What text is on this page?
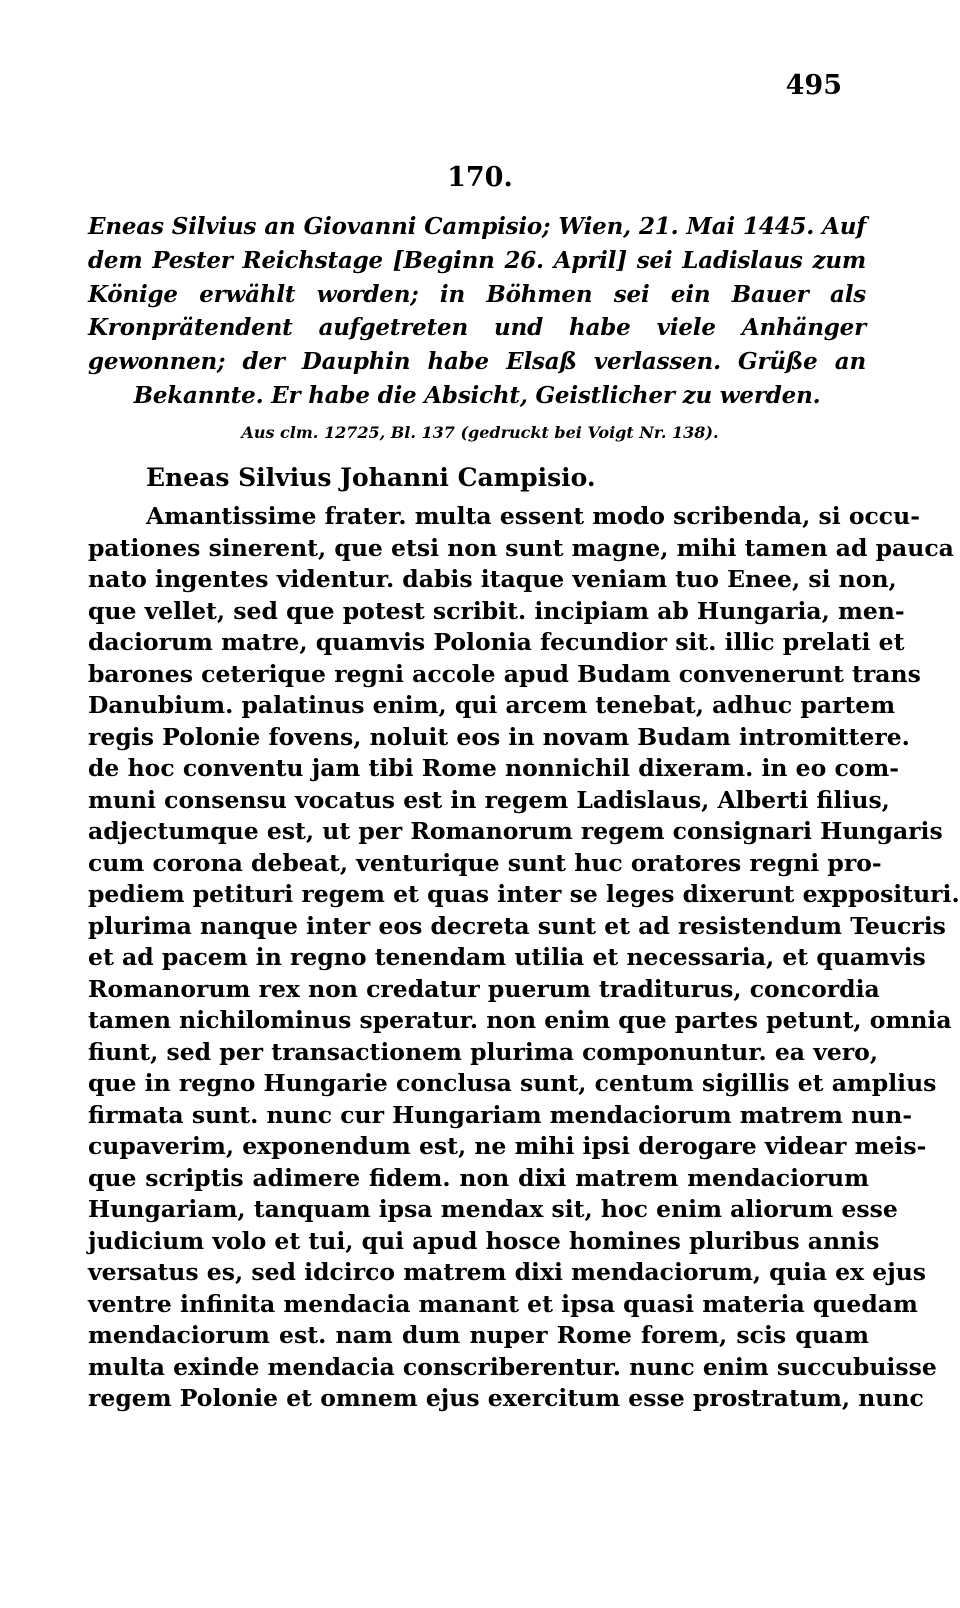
495
170.
Eneas Silvius an Giovanni Campisio; Wien, 21. Mai 1445. Auf dem Pester Reichstage [Beginn 26. April] sei Ladislaus zum Könige erwählt worden; in Böhmen sei ein Bauer als Kronprätendent aufgetreten und habe viele Anhänger gewonnen; der Dauphin habe Elsaß verlassen. Grüße an Bekannte. Er habe die Absicht, Geistlicher zu werden.
Aus clm. 12725, Bl. 137 (gedruckt bei Voigt Nr. 138).
Eneas Silvius Johanni Campisio.
Amantissime frater. multa essent modo scribenda, si occu-
pationes sinerent, que etsi non sunt magne, mihi tamen ad pauca
nato ingentes videntur. dabis itaque veniam tuo Enee, si non,
que vellet, sed que potest scribit. incipiam ab Hungaria, men-
daciorum matre, quamvis Polonia fecundior sit. illic prelati et
barones ceterique regni accole apud Budam convenerunt trans
Danubium. palatinus enim, qui arcem tenebat, adhuc partem
regis Polonie fovens, noluit eos in novam Budam intromittere.
de hoc conventu jam tibi Rome nonnichil dixeram. in eo com-
muni consensu vocatus est in regem Ladislaus, Alberti filius,
adjectumque est, ut per Romanorum regem consignari Hungaris
cum corona debeat, venturique sunt huc oratores regni pro-
pediem petituri regem et quas inter se leges dixerunt expposituri.
plurima nanque inter eos decreta sunt et ad resistendum Teucris
et ad pacem in regno tenendam utilia et necessaria, et quamvis
Romanorum rex non credatur puerum traditurus, concordia
tamen nichilominus speratur. non enim que partes petunt, omnia
fiunt, sed per transactionem plurima componuntur. ea vero,
que in regno Hungarie conclusa sunt, centum sigillis et amplius
firmata sunt. nunc cur Hungariam mendaciorum matrem nun-
cupaverim, exponendum est, ne mihi ipsi derogare videar meis-
que scriptis adimere fidem. non dixi matrem mendaciorum
Hungariam, tanquam ipsa mendax sit, hoc enim aliorum esse
judicium volo et tui, qui apud hosce homines pluribus annis
versatus es, sed idcirco matrem dixi mendaciorum, quia ex ejus
ventre infinita mendacia manant et ipsa quasi materia quedam
mendaciorum est. nam dum nuper Rome forem, scis quam
multa exinde mendacia conscriberentur. nunc enim succubuisse
regem Polonie et omnem ejus exercitum esse prostratum, nunc
